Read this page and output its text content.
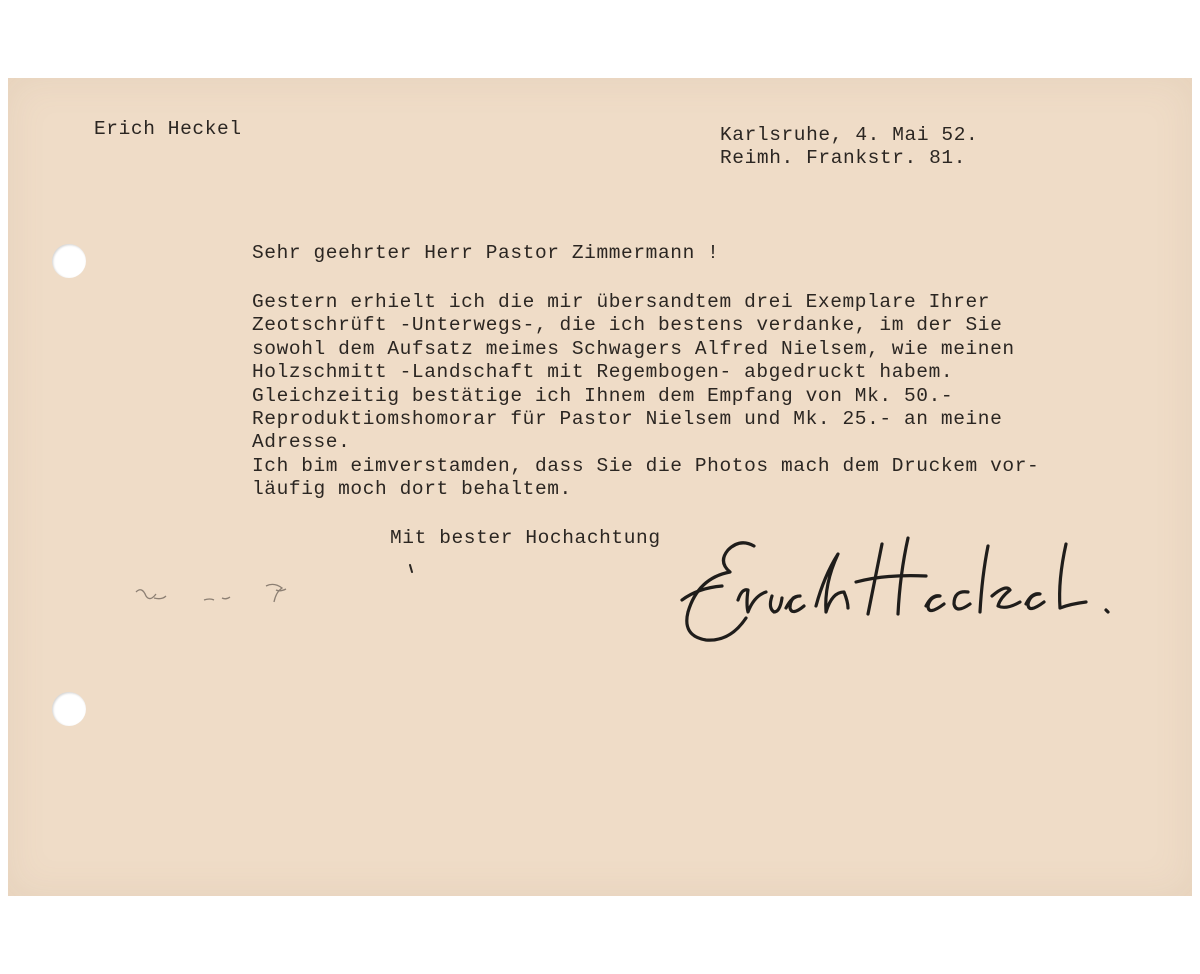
Erich Heckel	Karlsruhe, 4. Mai 52.
Reimh. Frankstr. 81.
Sehr geehrter Herr Pastor Zimmermann !
Gestern erhielt ich die mir übersandtem drei Exemplare Ihrer
Zeotschrüft -Unterwegs-, die ich bestens verdanke, im der Sie
sowohl dem Aufsatz meimes Schwagers Alfred Nielsem, wie meinen
Holzschmitt -Landschaft mit Regembogen- abgedruckt habem.
Gleichzeitig bestätige ich Ihnem dem Empfang von Mk. 50.-
Reproduktiomshomorar für Pastor Nielsem und Mk. 25.- an meine
Adresse.
Ich bim eimverstamden, dass Sie die Photos mach dem Druckem vor-
läufig moch dort behaltem.
Mit bester Hochachtung
